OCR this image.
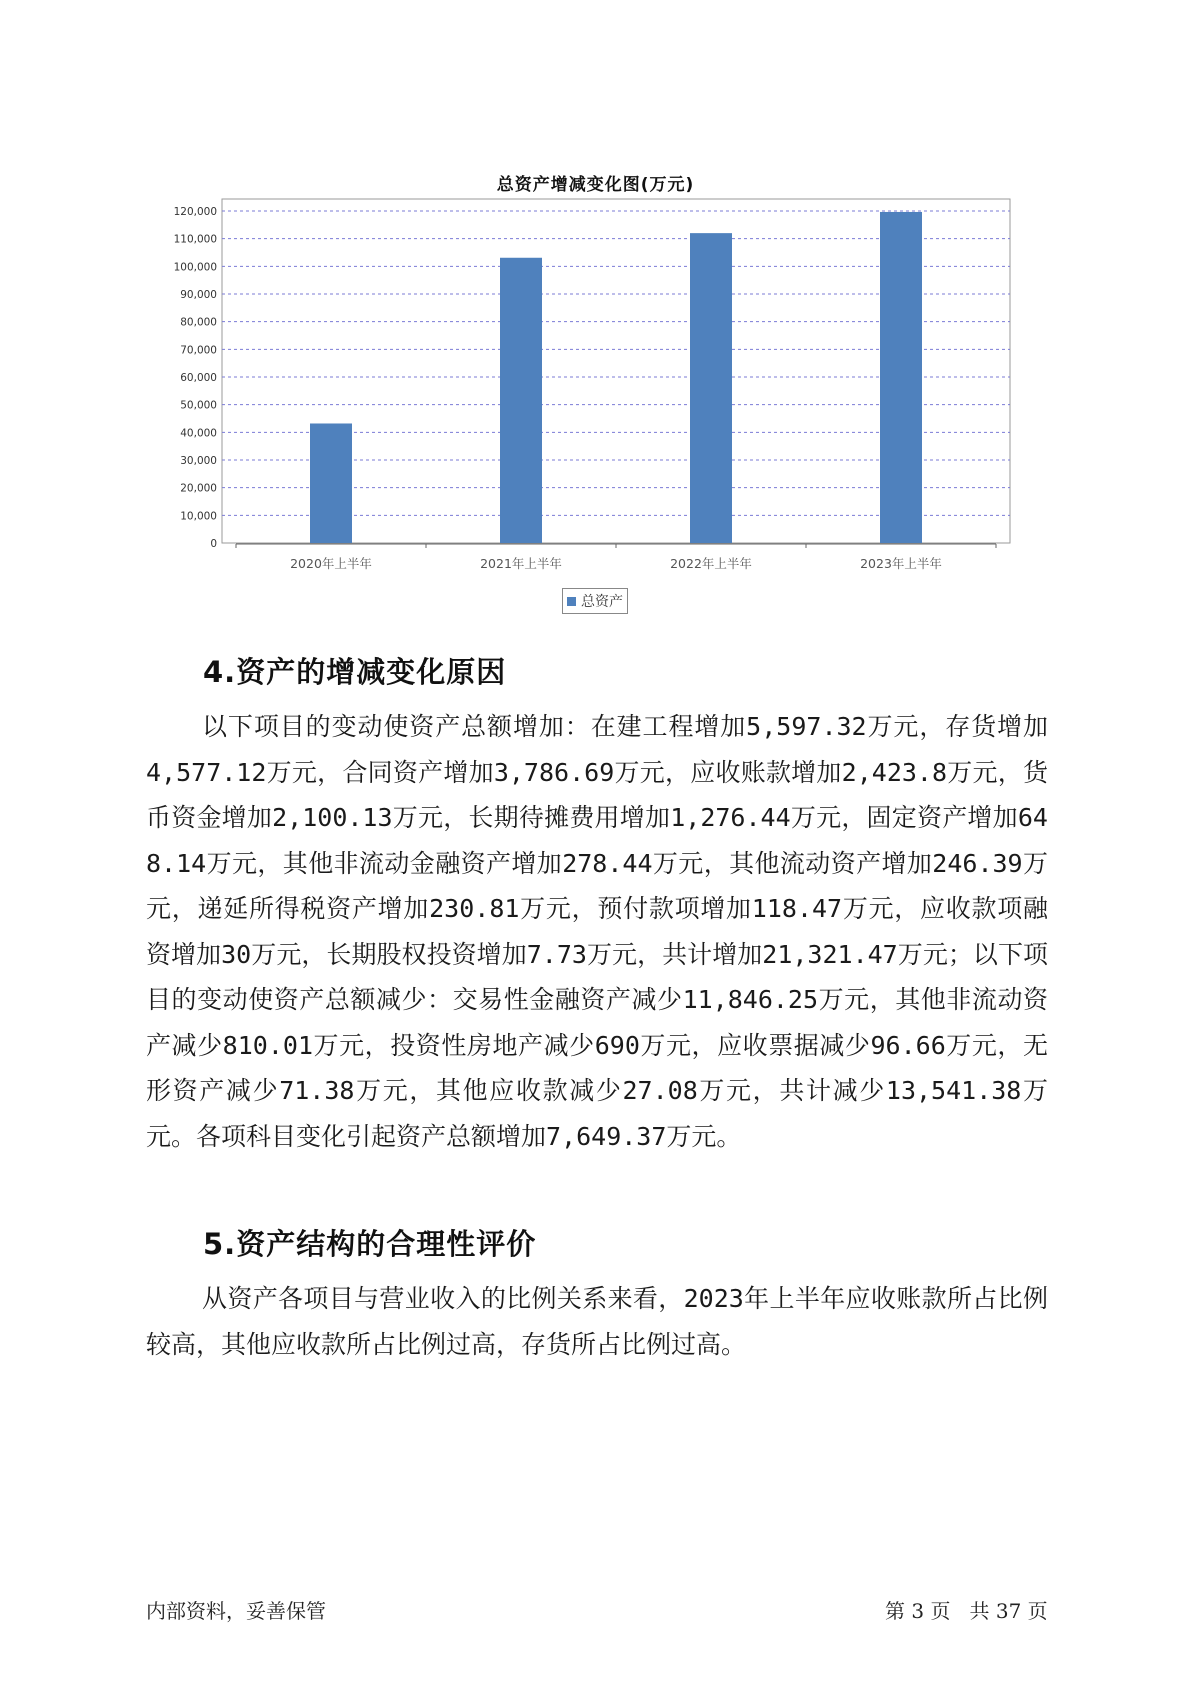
总资产增减变化图(万元)
0
10,000
20,000
30,000
40,000
50,000
60,000
70,000
80,000
90,000
100,000
110,000
120,000
2020年上半年	2021年上半年	2022年上半年	2023年上半年
总资产
4.资产的增减变化原因
以下项目的变动使资产总额增加：在建工程增加5,597.32万元，存货增加4,577.12万元，合同资产增加3,786.69万元，应收账款增加2,423.8万元，货币资金增加2,100.13万元，长期待摊费用增加1,276.44万元，固定资产增加648.14万元，其他非流动金融资产增加278.44万元，其他流动资产增加246.39万元，递延所得税资产增加230.81万元，预付款项增加118.47万元，应收款项融资增加30万元，长期股权投资增加7.73万元，共计增加21,321.47万元；以下项目的变动使资产总额减少：交易性金融资产减少11,846.25万元，其他非流动资产减少810.01万元，投资性房地产减少690万元，应收票据减少96.66万元，无形资产减少71.38万元，其他应收款减少27.08万元，共计减少13,541.38万元。各项科目变化引起资产总额增加7,649.37万元。
5.资产结构的合理性评价
从资产各项目与营业收入的比例关系来看，2023年上半年应收账款所占比例较高，其他应收款所占比例过高，存货所占比例过高。
内部资料，妥善保管	第 3 页   共 37 页
